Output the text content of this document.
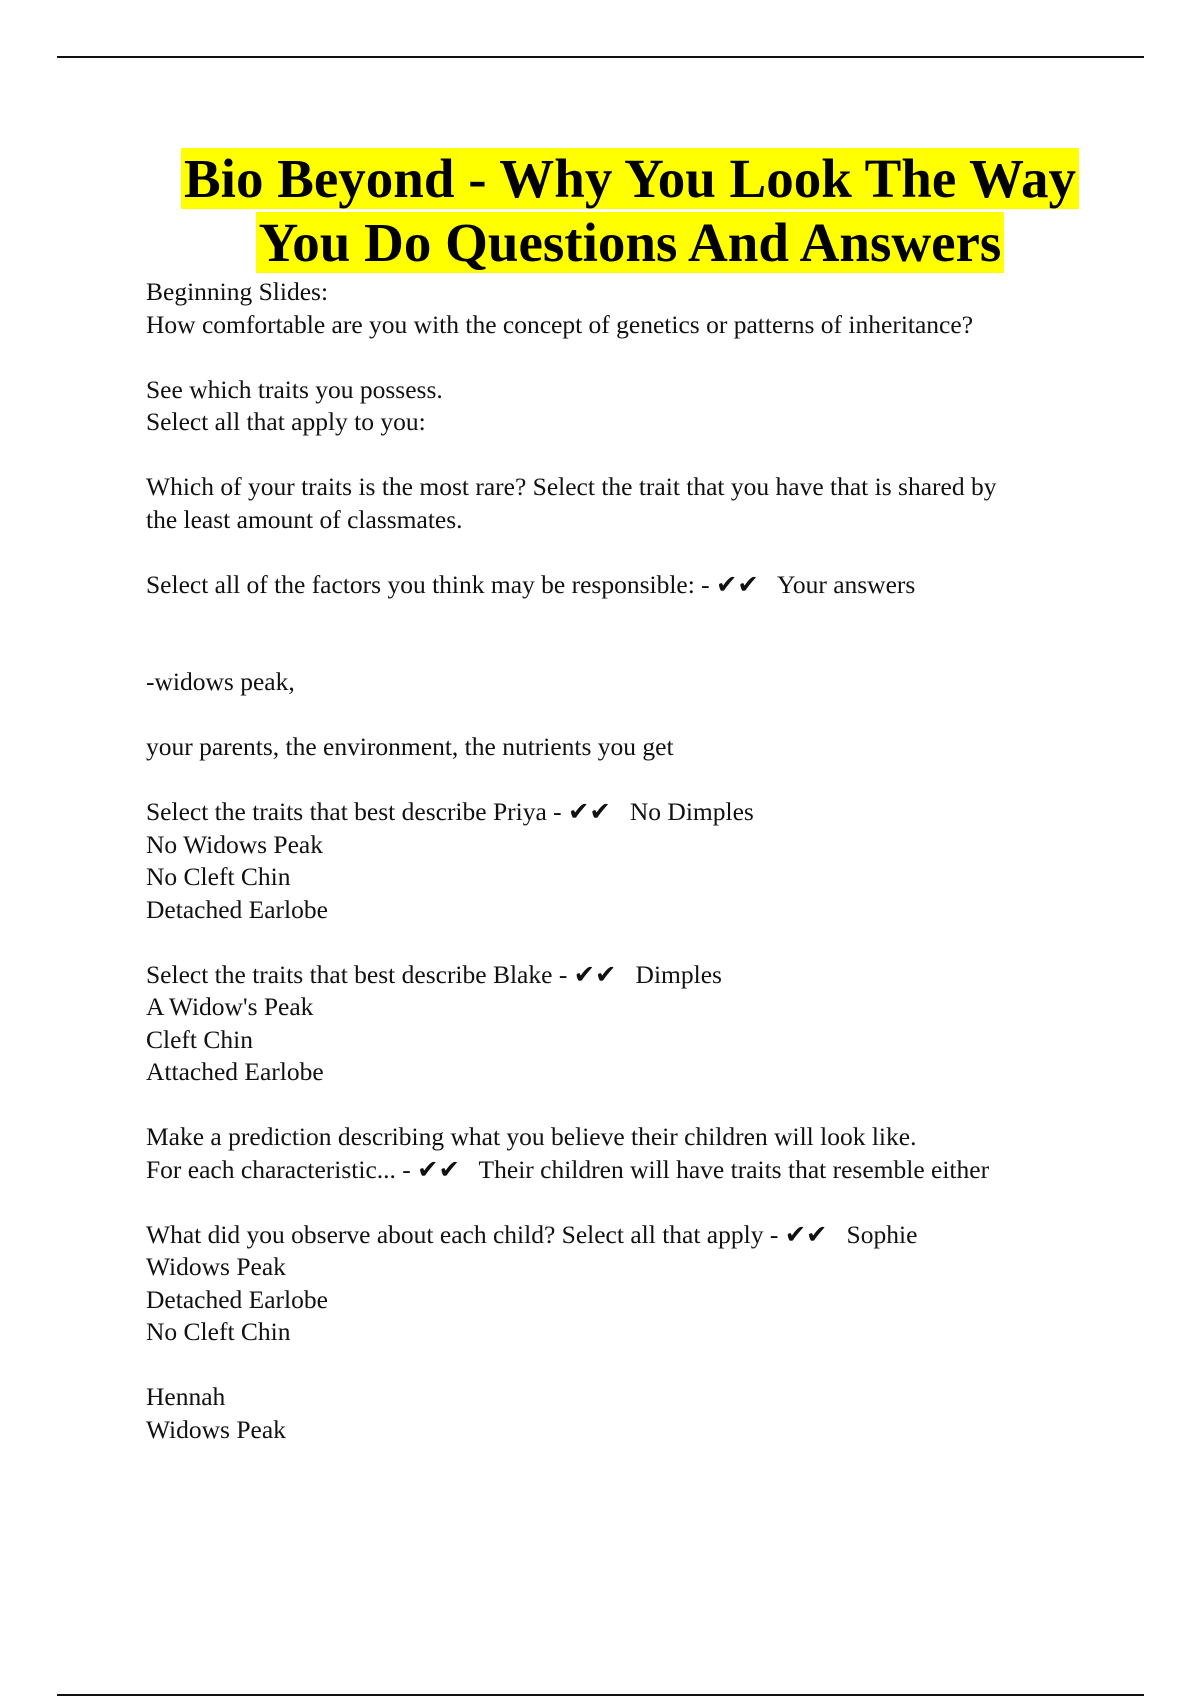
Bio Beyond - Why You Look The Way
You Do Questions And Answers
Beginning Slides:
How comfortable are you with the concept of genetics or patterns of inheritance?
See which traits you possess.
Select all that apply to you:
Which of your traits is the most rare? Select the trait that you have that is shared by
the least amount of classmates.
Select all of the factors you think may be responsible: - ✔✔   Your answers
-widows peak,
your parents, the environment, the nutrients you get
Select the traits that best describe Priya - ✔✔   No Dimples
No Widows Peak
No Cleft Chin
Detached Earlobe
Select the traits that best describe Blake - ✔✔   Dimples
A Widow's Peak
Cleft Chin
Attached Earlobe
Make a prediction describing what you believe their children will look like.
For each characteristic... - ✔✔   Their children will have traits that resemble either
What did you observe about each child? Select all that apply - ✔✔   Sophie
Widows Peak
Detached Earlobe
No Cleft Chin
Hennah
Widows Peak
